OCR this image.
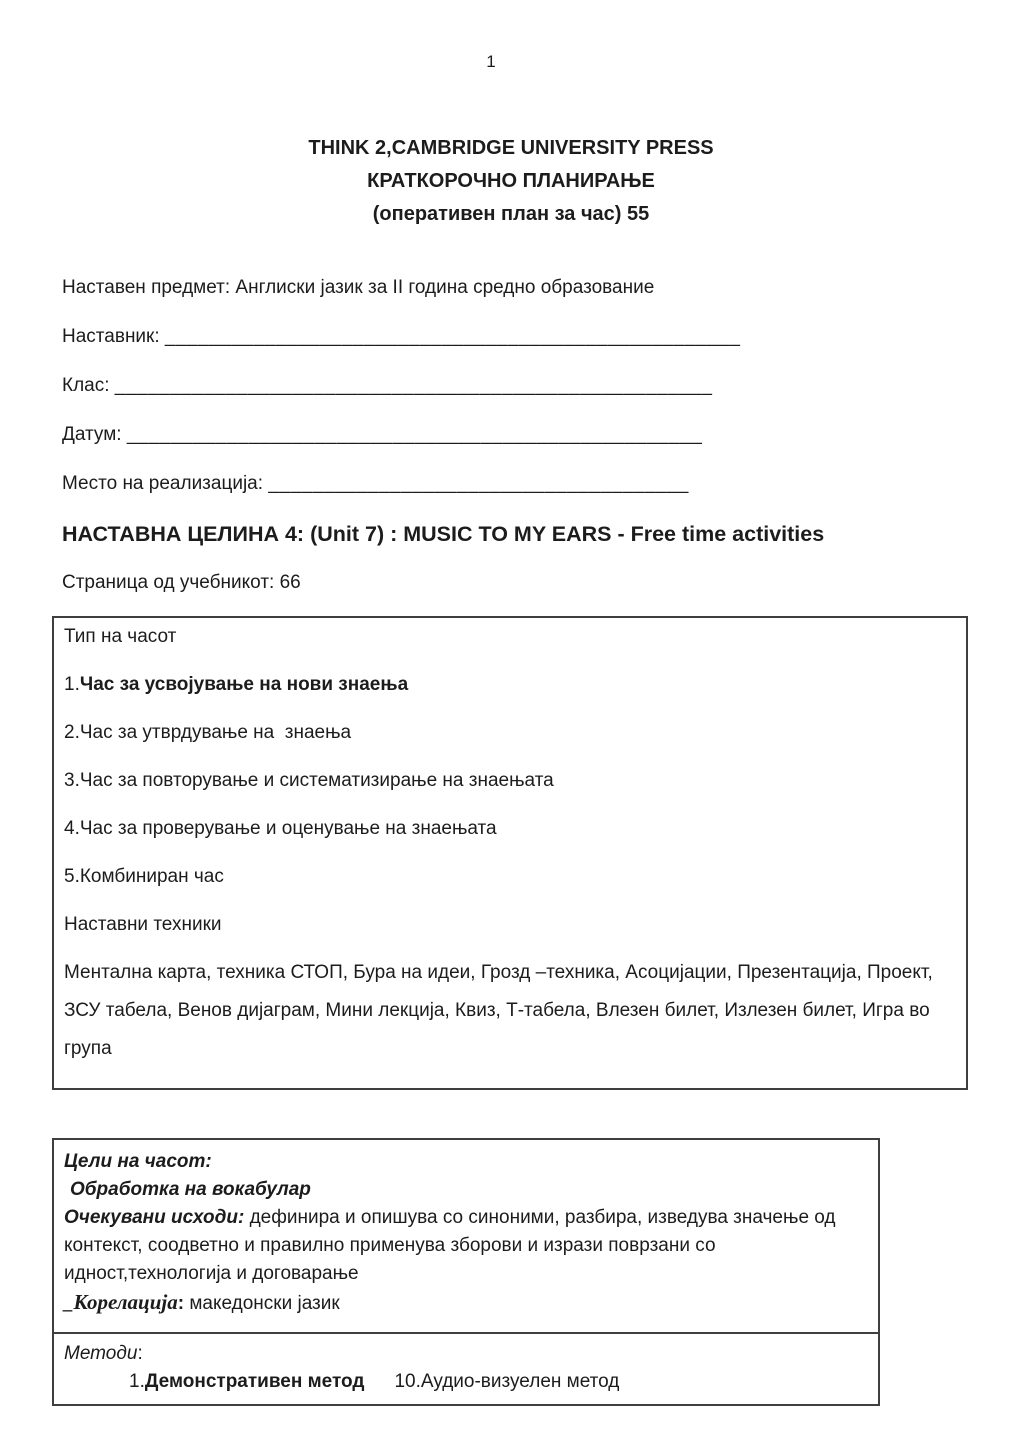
1
THINK 2,CAMBRIDGE UNIVERSITY PRESS
КРАТКОРОЧНО ПЛАНИРАЊЕ
(оперативен план за час) 55

Наставен предмет: Англиски јазик за II година средно образование

Наставник: ____________________________________________________

Клас: ______________________________________________________

Датум: ____________________________________________________

Место на реализација: ______________________________________

НАСТАВНА ЦЕЛИНА 4: (Unit 7) : MUSIC TO MY EARS - Free time activities

Страница од учебникот: 66

Тип на часот

1.Час за усвојување на нови знаења

2.Час за утврдување на  знаења

3.Час за повторување и систематизирање на знаењата

4.Час за проверување и оценување на знаењата

5.Комбиниран час

Наставни техники

Ментална карта, техника СТОП, Бура на идеи, Грозд –техника, Асоцијации, Презентација, Проект, ЗСУ табела, Венов дијаграм, Мини лекција, Квиз, Т-табела, Влезен билет, Излезен билет, Игра во група

Цели на часот:

Обработка на вокабулар

Очекувани исходи: дефинира и опишува со синоними, разбира, изведува значење од контекст, соодветно и правилно применува зборови и изрази поврзани со идност,технологија и договарање

_Корелација: македонски јазик

Методи:

1.Демонстративен метод 10.Аудио-визуелен метод
